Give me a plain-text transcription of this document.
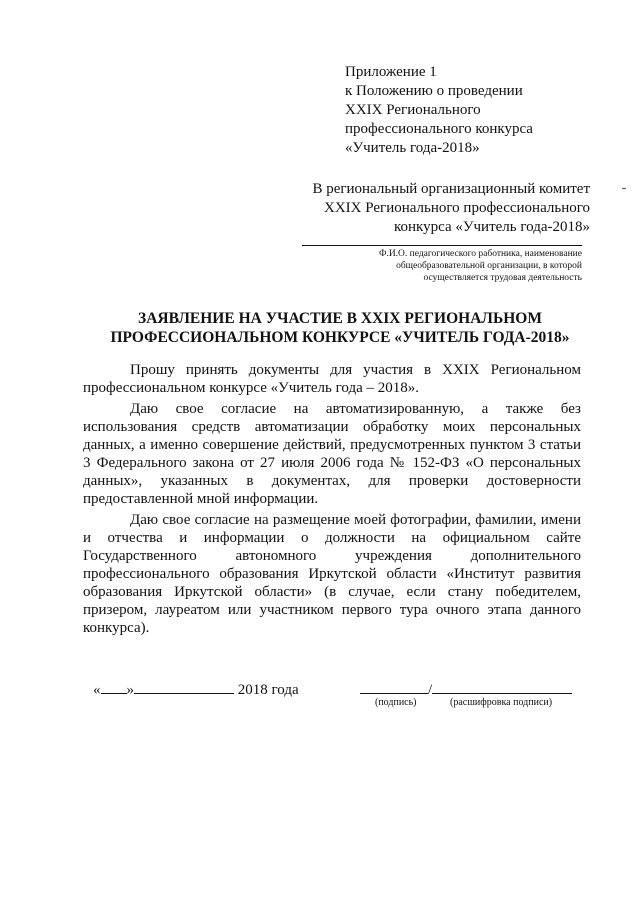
Приложение 1
к Положению о проведении
XXIX Регионального
профессионального конкурса
«Учитель года-2018»
В региональный организационный комитет
XXIX Регионального профессионального
конкурса «Учитель года-2018»
Ф.И.О. педагогического работника, наименование
общеобразовательной организации, в которой
осуществляется трудовая деятельность
ЗАЯВЛЕНИЕ НА УЧАСТИЕ В XXIX РЕГИОНАЛЬНОМ
ПРОФЕССИОНАЛЬНОМ КОНКУРСЕ «УЧИТЕЛЬ ГОДА-2018»

Прошу принять документы для участия в XXIX Региональном профессиональном конкурсе «Учитель года – 2018».

Даю свое согласие на автоматизированную, а также без использования средств автоматизации обработку моих персональных данных, а именно совершение действий, предусмотренных пунктом 3 статьи 3 Федерального закона от 27 июля 2006 года № 152-ФЗ «О персональных данных», указанных в документах, для проверки достоверности предоставленной мной информации.

Даю свое согласие на размещение моей фотографии, фамилии, имени и отчества и информации о должности на официальном сайте Государственного автономного учреждения дополнительного профессионального образования Иркутской области «Институт развития образования Иркутской области» (в случае, если стану победителем, призером, лауреатом или участником первого тура очного этапа данного конкурса).

« »	2018 года	/
(подпись)	(расшифровка подписи)
